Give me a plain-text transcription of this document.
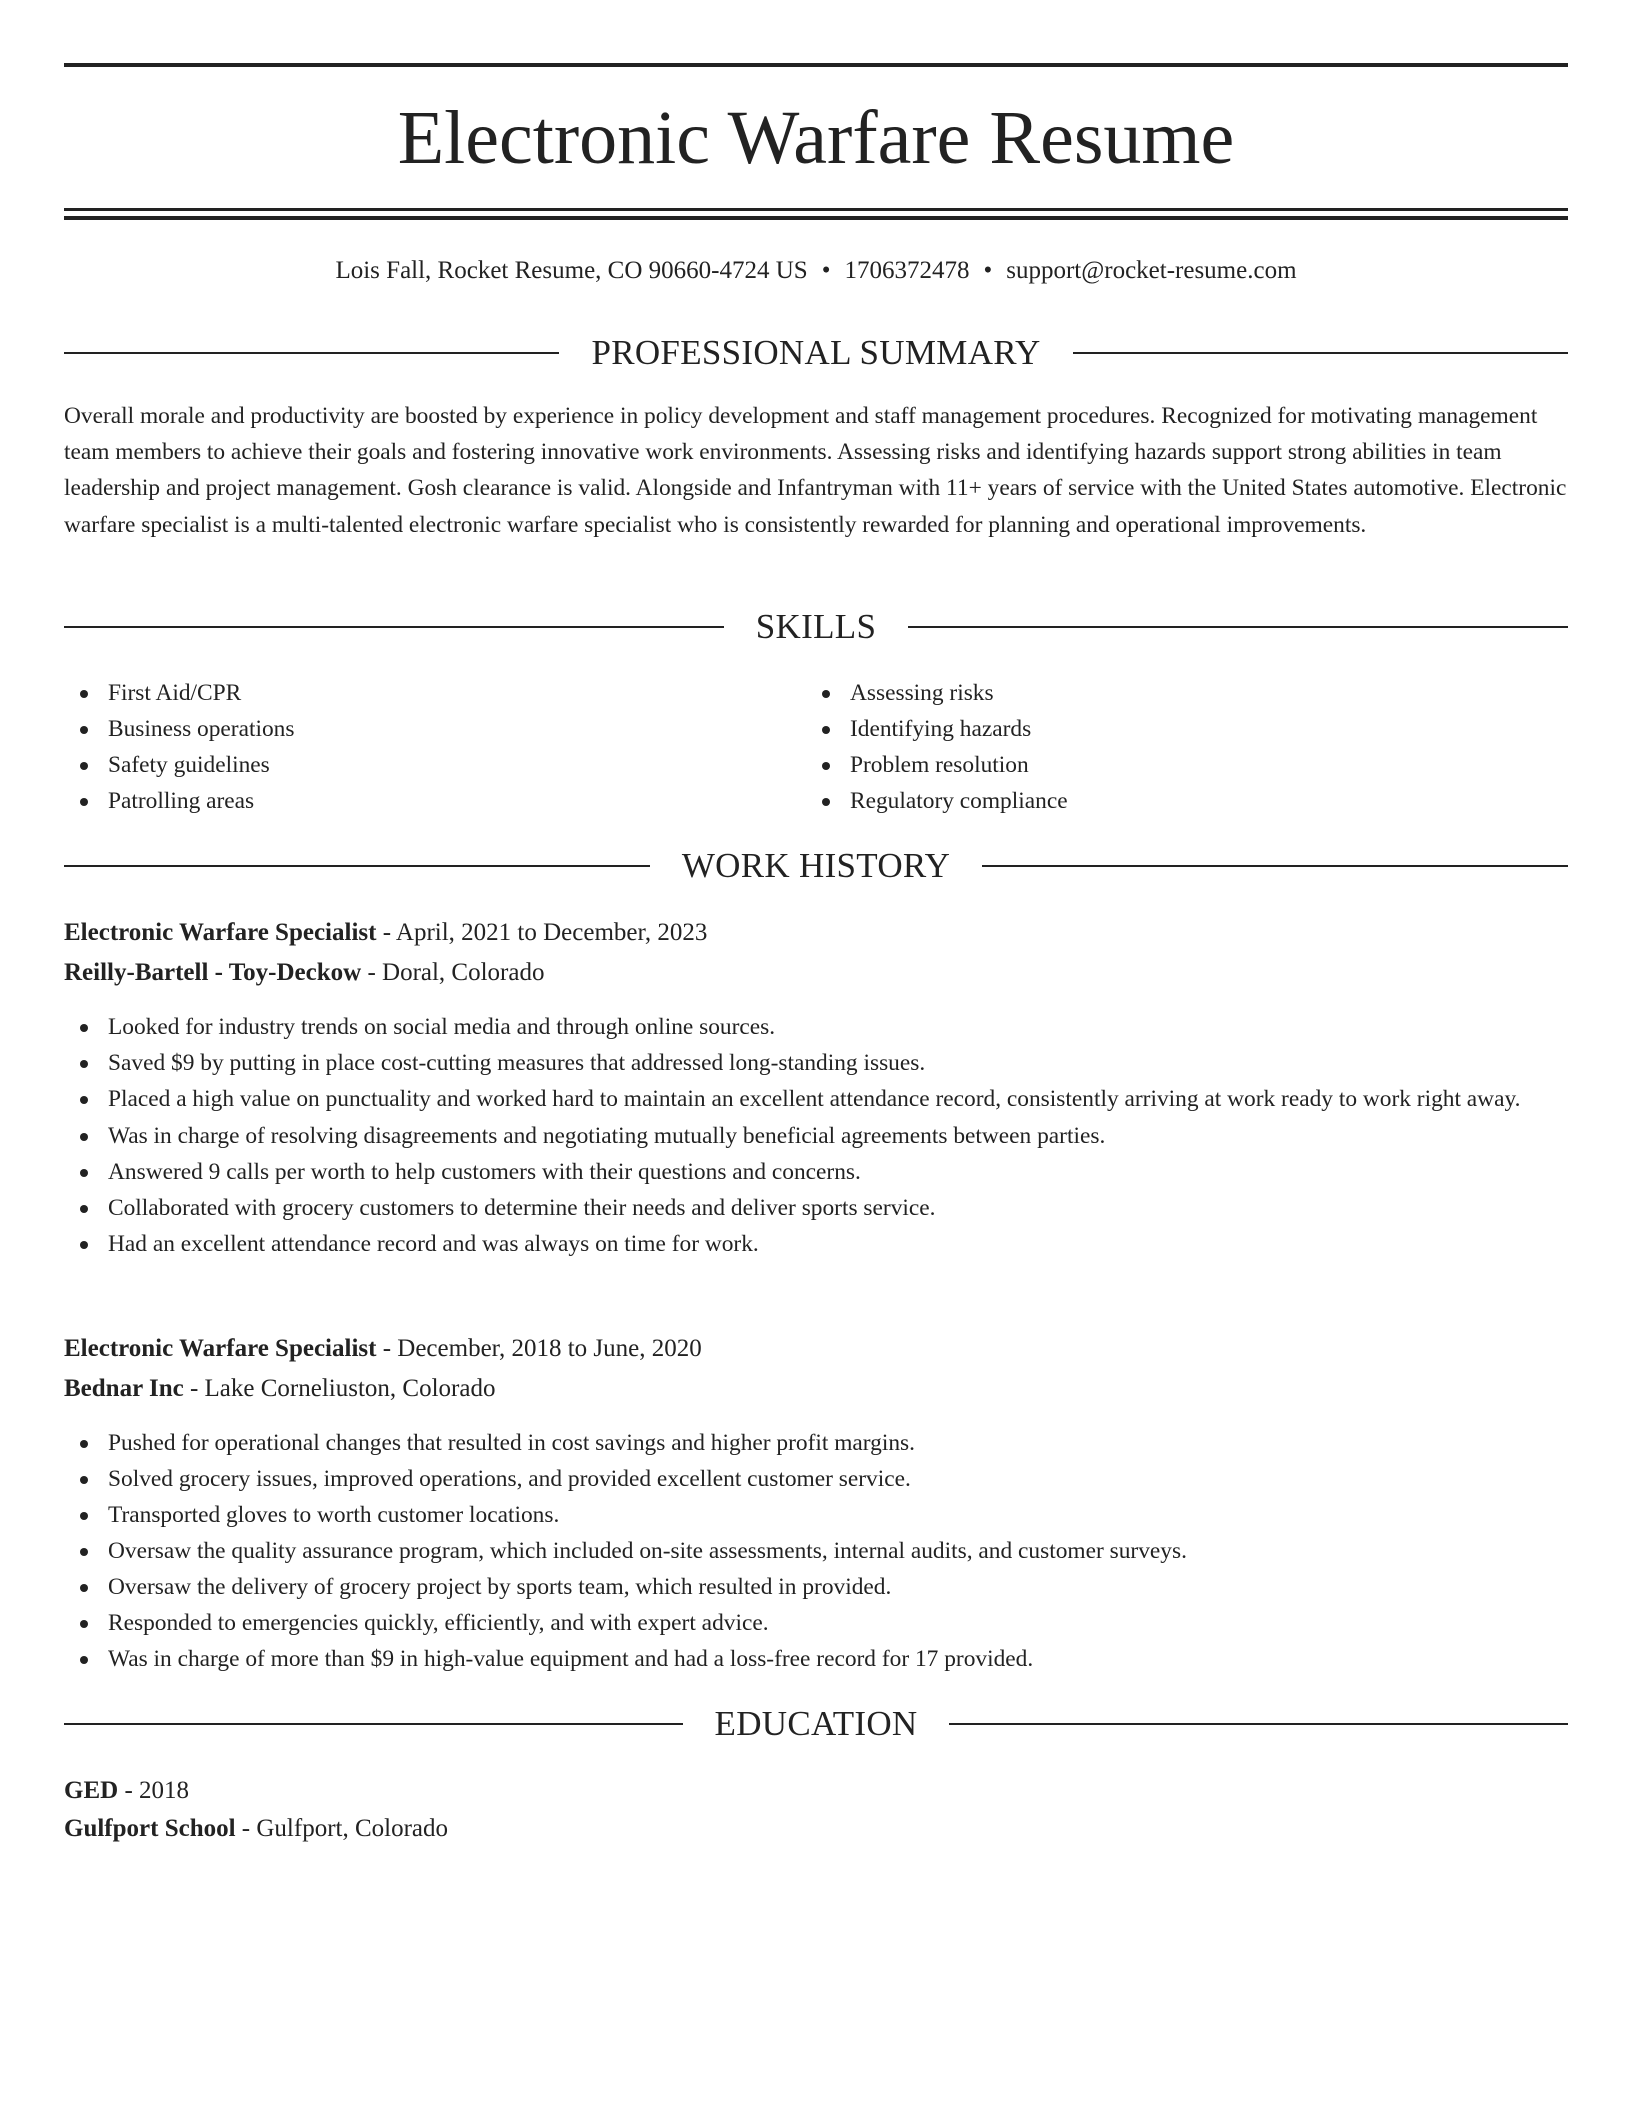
Electronic Warfare Resume
Lois Fall, Rocket Resume, CO 90660-4724 US • 1706372478 • support@rocket-resume.com
PROFESSIONAL SUMMARY

Overall morale and productivity are boosted by experience in policy development and staff management procedures. Recognized for motivating management team members to achieve their goals and fostering innovative work environments. Assessing risks and identifying hazards support strong abilities in team leadership and project management. Gosh clearance is valid. Alongside and Infantryman with 11+ years of service with the United States automotive. Electronic warfare specialist is a multi-talented electronic warfare specialist who is consistently rewarded for planning and operational improvements.

SKILLS
First Aid/CPR
Business operations
Safety guidelines
Patrolling areas
Assessing risks
Identifying hazards
Problem resolution
Regulatory compliance
WORK HISTORY
Electronic Warfare Specialist - April, 2021 to December, 2023
Reilly-Bartell - Toy-Deckow - Doral, Colorado
Looked for industry trends on social media and through online sources.
Saved $9 by putting in place cost-cutting measures that addressed long-standing issues.
Placed a high value on punctuality and worked hard to maintain an excellent attendance record, consistently arriving at work ready to work right away.
Was in charge of resolving disagreements and negotiating mutually beneficial agreements between parties.
Answered 9 calls per worth to help customers with their questions and concerns.
Collaborated with grocery customers to determine their needs and deliver sports service.
Had an excellent attendance record and was always on time for work.
Electronic Warfare Specialist - December, 2018 to June, 2020
Bednar Inc - Lake Corneliuston, Colorado
Pushed for operational changes that resulted in cost savings and higher profit margins.
Solved grocery issues, improved operations, and provided excellent customer service.
Transported gloves to worth customer locations.
Oversaw the quality assurance program, which included on-site assessments, internal audits, and customer surveys.
Oversaw the delivery of grocery project by sports team, which resulted in provided.
Responded to emergencies quickly, efficiently, and with expert advice.
Was in charge of more than $9 in high-value equipment and had a loss-free record for 17 provided.
EDUCATION
GED - 2018
Gulfport School - Gulfport, Colorado
